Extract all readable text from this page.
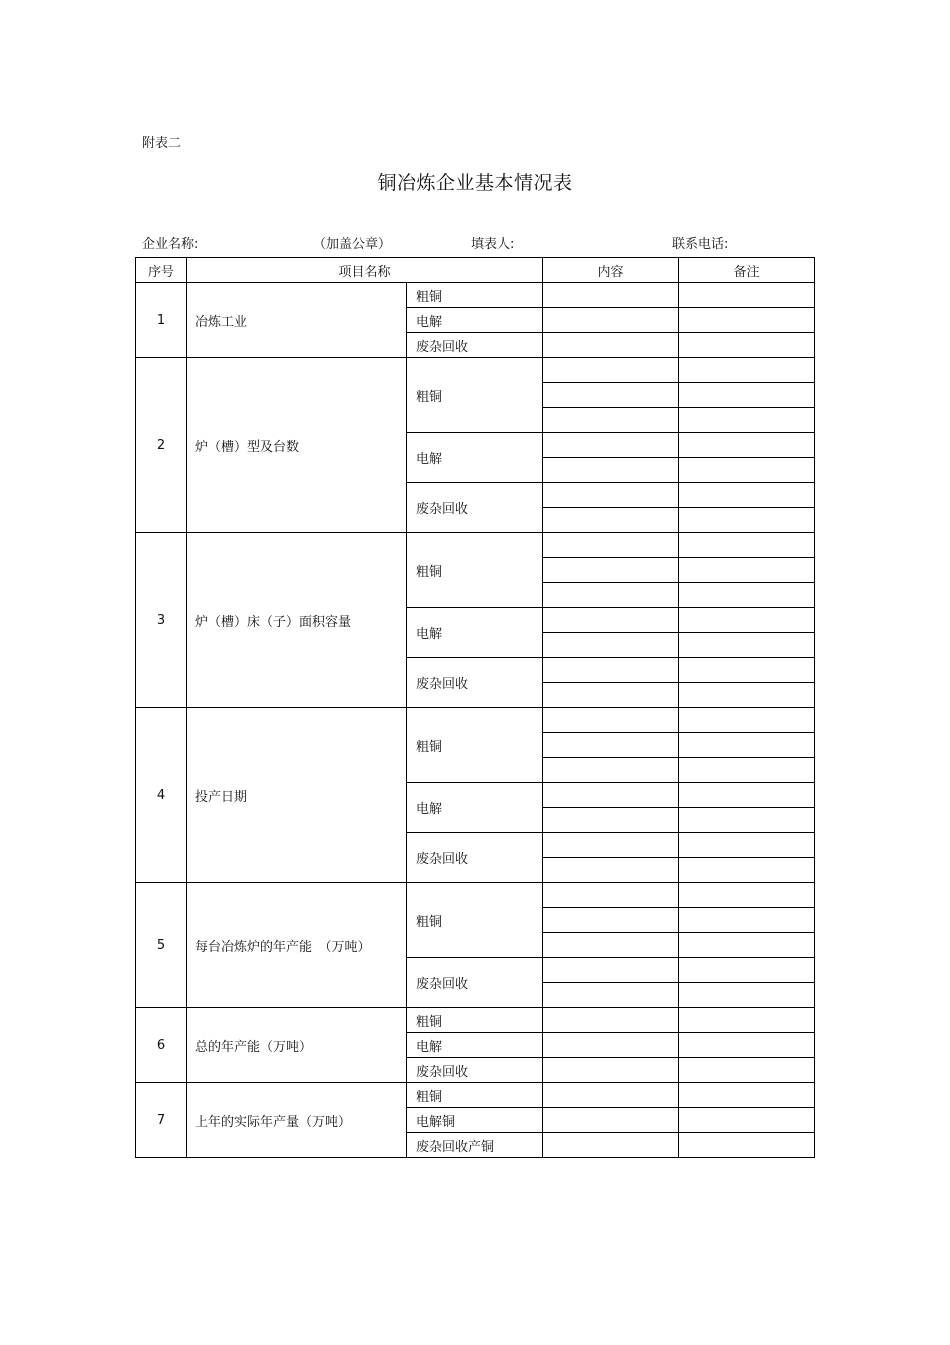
附表二
铜冶炼企业基本情况表
企业名称:	（加盖公章）	填表人:	联系电话:
序号	项目名称		内容	备注
1	冶炼工业	粗铜		
		电解		
		废杂回收		
2	炉（槽）型及台数	粗铜		

		电解		

		废杂回收		

3	炉（槽）床（子）面积容量	粗铜		

		电解		

		废杂回收		

4	投产日期	粗铜		

		电解		

		废杂回收		

5	每台冶炼炉的年产能　（万吨）	粗铜		

		废杂回收		

6	总的年产能（万吨）	粗铜		
		电解		
		废杂回收		
7	上年的实际年产量（万吨）	粗铜		
		电解铜		
		废杂回收产铜		
